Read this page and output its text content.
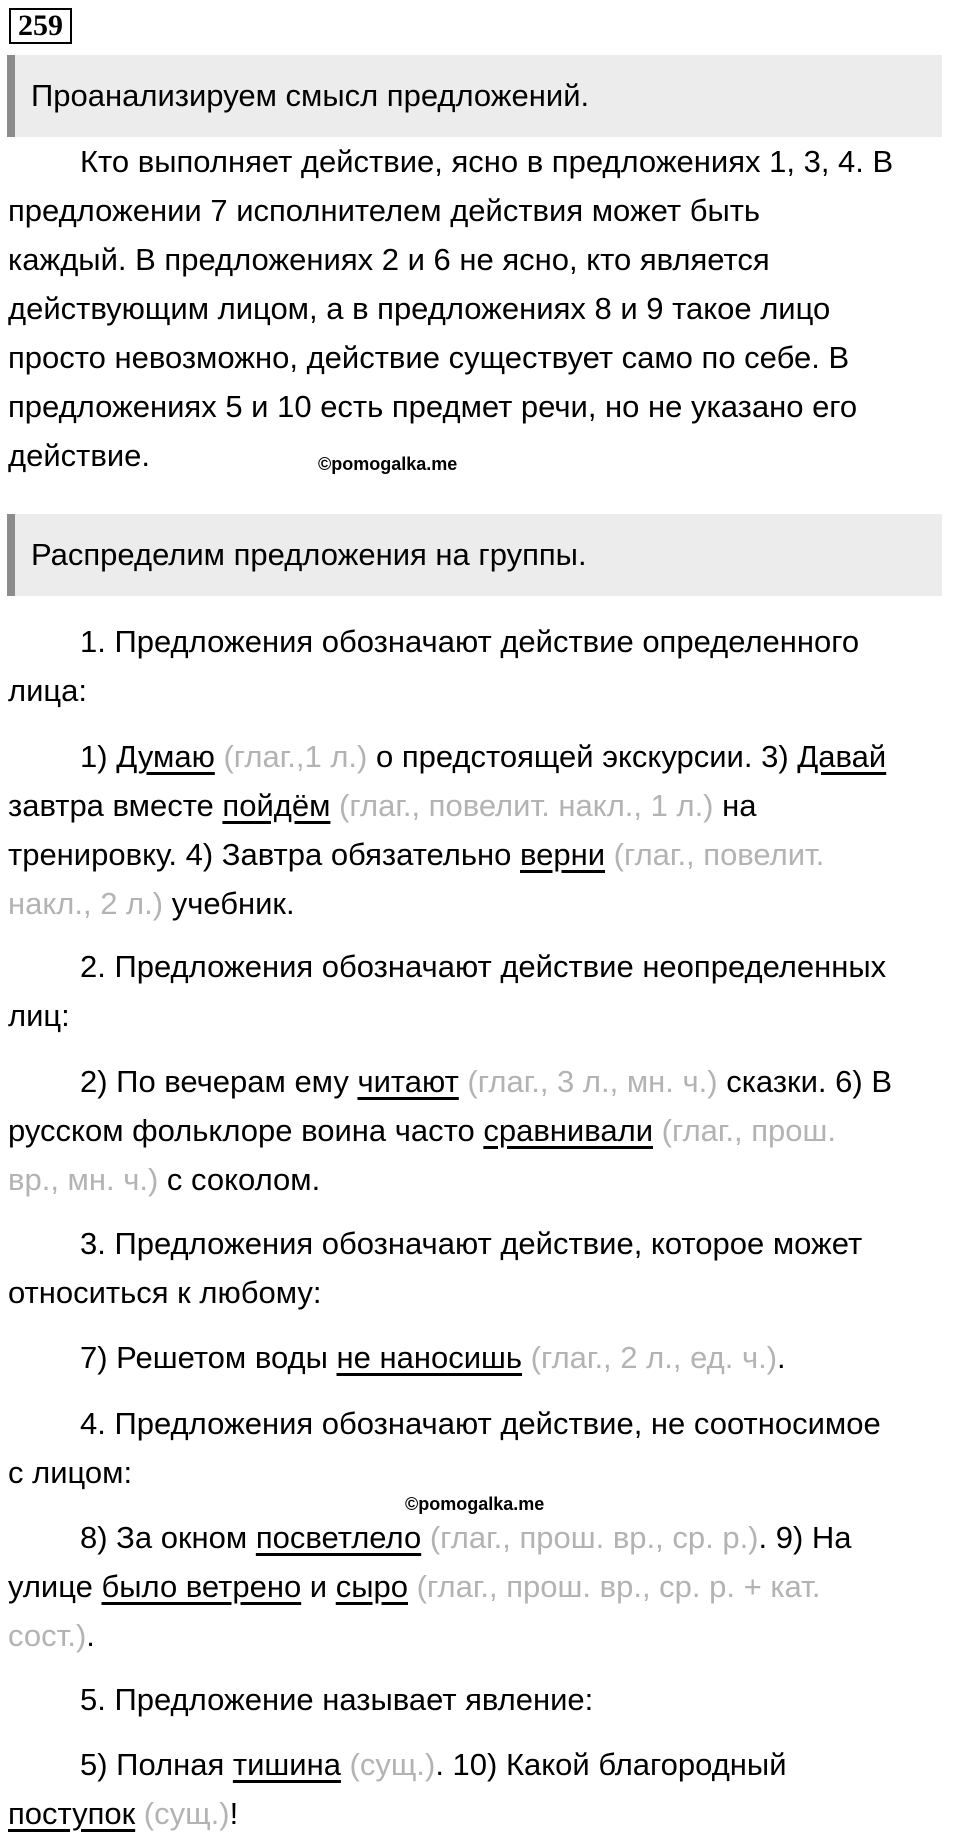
259
Проанализируем смысл предложений.
Кто выполняет действие, ясно в предложениях 1, 3, 4. В
предложении 7 исполнителем действия может быть
каждый. В предложениях 2 и 6 не ясно, кто является
действующим лицом, а в предложениях 8 и 9 такое лицо
просто невозможно, действие существует само по себе. В
предложениях 5 и 10 есть предмет речи, но не указано его
действие.	©pomogalka.me
Распределим предложения на группы.
1. Предложения обозначают действие определенного
лица:
1) Думаю (глаг.,1 л.) о предстоящей экскурсии. 3) Давай
завтра вместе пойдём (глаг., повелит. накл., 1 л.) на
тренировку. 4) Завтра обязательно верни (глаг., повелит.
накл., 2 л.) учебник.
2. Предложения обозначают действие неопределенных
лиц:
2) По вечерам ему читают (глаг., 3 л., мн. ч.) сказки. 6) В
русском фольклоре воина часто сравнивали (глаг., прош.
вр., мн. ч.) с соколом.
3. Предложения обозначают действие, которое может
относиться к любому:
7) Решетом воды не наносишь (глаг., 2 л., ед. ч.).
4. Предложения обозначают действие, не соотносимое
с лицом:
©pomogalka.me
8) За окном посветлело (глаг., прош. вр., ср. р.). 9) На
улице было ветрено и сыро (глаг., прош. вр., ср. р. + кат.
сост.).
5. Предложение называет явление:
5) Полная тишина (сущ.). 10) Какой благородный
поступок (сущ.)!
